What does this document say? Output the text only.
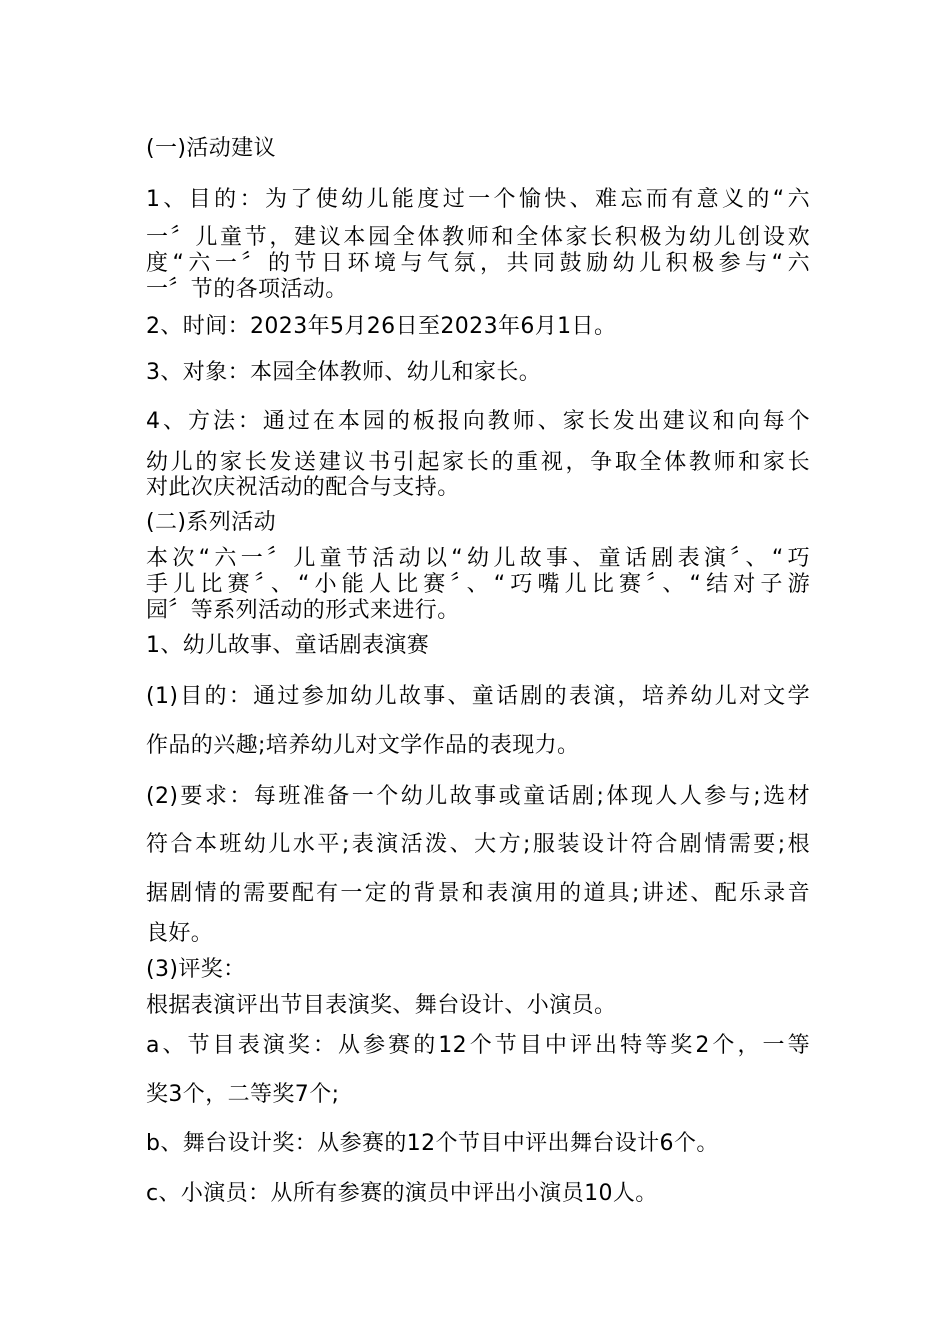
(一)活动建议
1、目的：为了使幼儿能度过一个愉快、难忘而有意义的“六
一〞儿童节，建议本园全体教师和全体家长积极为幼儿创设欢
度“六一〞的节日环境与气氛，共同鼓励幼儿积极参与“六
一〞节的各项活动。
2、时间：2023年5月26日至2023年6月1日。
3、对象：本园全体教师、幼儿和家长。
4、方法：通过在本园的板报向教师、家长发出建议和向每个
幼儿的家长发送建议书引起家长的重视，争取全体教师和家长
对此次庆祝活动的配合与支持。
(二)系列活动
本次“六一〞儿童节活动以“幼儿故事、童话剧表演〞、“巧
手儿比赛〞、“小能人比赛〞、“巧嘴儿比赛〞、“结对子游
园〞等系列活动的形式来进行。
1、幼儿故事、童话剧表演赛
(1)目的：通过参加幼儿故事、童话剧的表演，培养幼儿对文学
作品的兴趣;培养幼儿对文学作品的表现力。
(2)要求：每班准备一个幼儿故事或童话剧;体现人人参与;选材
符合本班幼儿水平;表演活泼、大方;服装设计符合剧情需要;根
据剧情的需要配有一定的背景和表演用的道具;讲述、配乐录音
良好。
(3)评奖：
根据表演评出节目表演奖、舞台设计、小演员。
a、节目表演奖：从参赛的12个节目中评出特等奖2个，一等
奖3个，二等奖7个;
b、舞台设计奖：从参赛的12个节目中评出舞台设计6个。
c、小演员：从所有参赛的演员中评出小演员10人。
